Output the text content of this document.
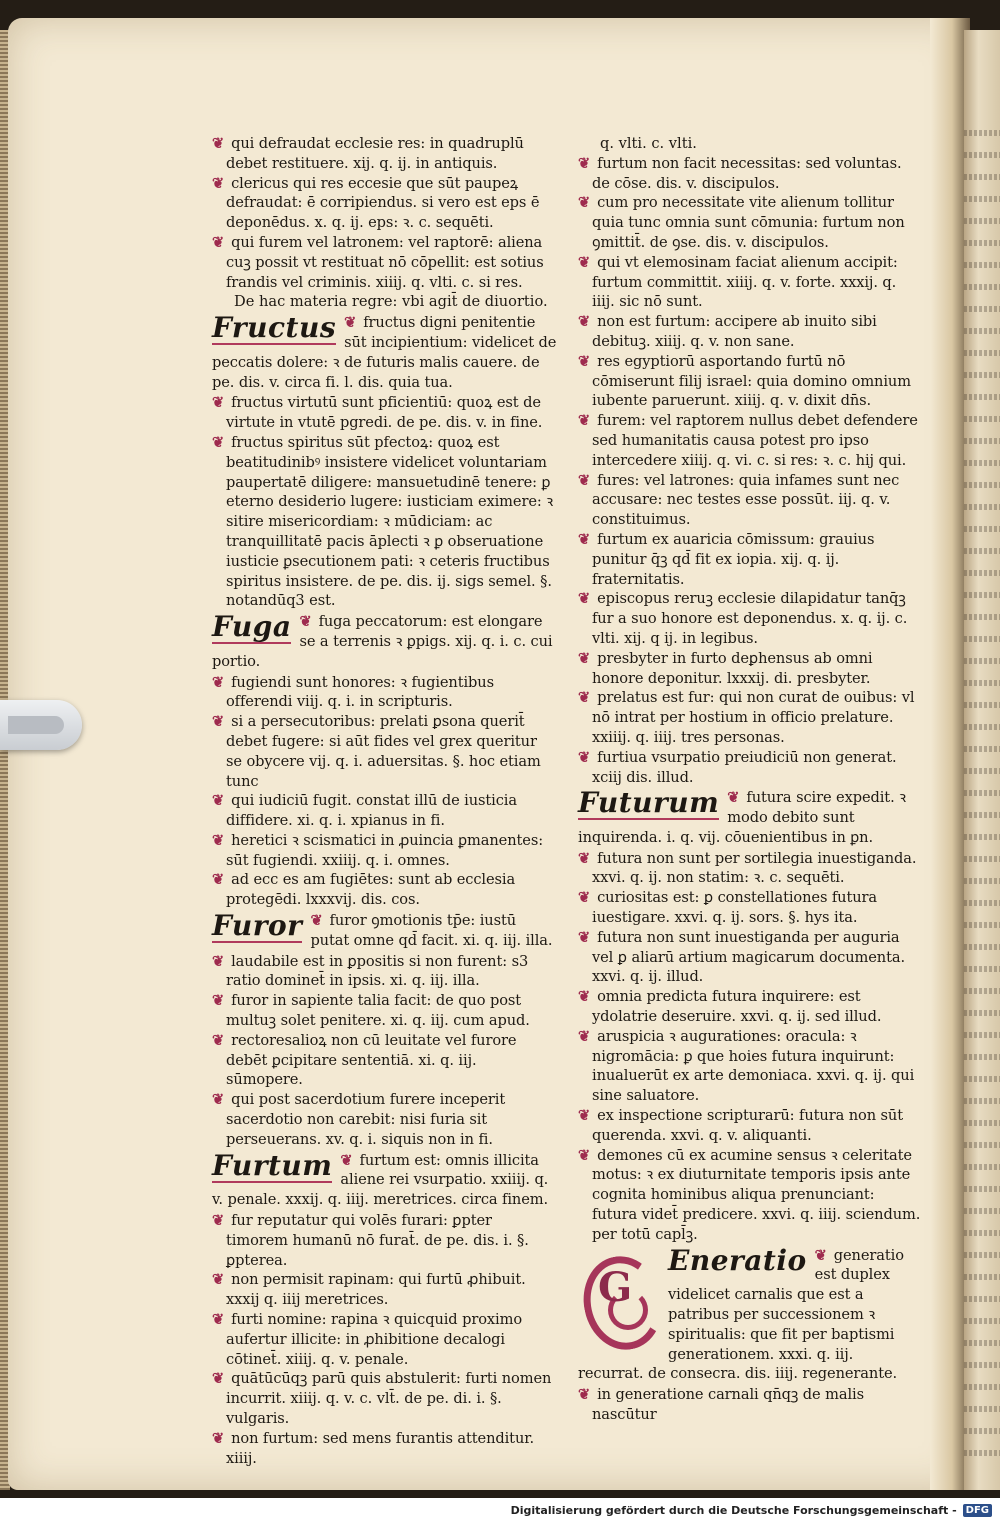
❦ qui defraudat ecclesie res: in quadruplū debet restituere. xij. q. ij. in antiquis.

❦ clericus qui res eccesie que sūt paupeꝝ defraudat: ē corripiendus. si vero est eps ē deponēdus. x. q. ij. eps: ꝛ. c. sequēti.

❦ qui furem vel latronem: vel raptorē: aliena cuꝫ possit vt restituat nō cōpellit: est sotius frandis vel criminis. xiiij. q. vlti. c. si res.

De hac materia regre: vbi agit̄ de diuortio.

Fructus ❦ fructus digni penitentie sūt incipientium: videlicet de peccatis dolere: ꝛ de futuris malis cauere. de pe. dis. v. circa fi. l. dis. quia tua.

❦ fructus virtutū sunt pficientiū: quoꝝ est de virtute in vtutē pgredi. de pe. dis. v. in fine.

❦ fructus spiritus sūt pfectoꝝ: quoꝝ est beatitudinibꝰ insistere videlicet voluntariam paupertatē diligere: mansuetudinē tenere: ꝑ eterno desiderio lugere: iusticiam eximere: ꝛ sitire misericordiam: ꝛ mūdiciam: ac tranquillitatē pacis āplecti ꝛ ꝑ obseruatione iusticie ꝑsecutionem pati: ꝛ ceteris fructibus spiritus insistere. de pe. dis. ij. sigs semel. §. notandūq3 est.

Fuga ❦ fuga peccatorum: est elongare se a terrenis ꝛ ꝑpigs. xij. q. i. c. cui portio.

❦ fugiendi sunt honores: ꝛ fugientibus offerendi viij. q. i. in scripturis.

❦ si a persecutoribus: prelati ꝑsona querit̄ debet fugere: si aūt fides vel grex queritur se obycere vij. q. i. aduersitas. §. hoc etiam tunc

❦ qui iudiciū fugit. constat illū de iusticia diffidere. xi. q. i. xpianus in fi.

❦ heretici ꝛ scismatici in ꝓuincia ꝑmanentes: sūt fugiendi. xxiiij. q. i. omnes.

❦ ad ecc es am fugiētes: sunt ab ecclesia protegēdi. lxxxvij. dis. cos.

Furor ❦ furor ꝯmotionis tp̄e: iustū putat omne qd̄ facit. xi. q. iij. illa.

❦ laudabile est in ꝑpositis si non furent: s3 ratio dominet̄ in ipsis. xi. q. iij. illa.

❦ furor in sapiente talia facit: de quo post multuꝫ solet penitere. xi. q. iij. cum apud.

❦ rectoresalioꝝ non cū leuitate vel furore debēt ꝑcipitare sententiā. xi. q. iij. sūmopere.

❦ qui post sacerdotium furere inceperit sacerdotio non carebit: nisi furia sit perseuerans. xv. q. i. siquis non in fi.

Furtum ❦ furtum est: omnis illicita aliene rei vsurpatio. xxiiij. q. v. penale. xxxij. q. iiij. meretrices. circa finem.

❦ fur reputatur qui volēs furari: ꝑpter timorem humanū nō furat̄. de pe. dis. i. §. ꝑpterea.

❦ non permisit rapinam: qui furtū ꝓhibuit. xxxij q. iiij meretrices.

❦ furti nomine: rapina ꝛ quicquid proximo aufertur illicite: in ꝓhibitione decalogi cōtinet̄. xiiij. q. v. penale.

❦ quātūcūqꝫ parū quis abstulerit: furti nomen incurrit. xiiij. q. v. c. vlt̄. de pe. di. i. §. vulgaris.

❦ non furtum: sed mens furantis attenditur. xiiij.

q. vlti. c. vlti.

❦ furtum non facit necessitas: sed voluntas. de cōse. dis. v. discipulos.

❦ cum pro necessitate vite alienum tollitur quia tunc omnia sunt cōmunia: furtum non ꝯmittit̄. de ꝯse. dis. v. discipulos.

❦ qui vt elemosinam faciat alienum accipit: furtum committit. xiiij. q. v. forte. xxxij. q. iiij. sic nō sunt.

❦ non est furtum: accipere ab inuito sibi debituꝫ. xiiij. q. v. non sane.

❦ res egyptiorū asportando furtū nō cōmiserunt filij israel: quia domino omnium iubente paruerunt. xiiij. q. v. dixit dn̄s.

❦ furem: vel raptorem nullus debet defendere sed humanitatis causa potest pro ipso intercedere xiiij. q. vi. c. si res: ꝛ. c. hij qui.

❦ fures: vel latrones: quia infames sunt nec accusare: nec testes esse possūt. iij. q. v. constituimus.

❦ furtum ex auaricia cōmissum: grauius punitur q̄ꝫ qd̄ fit ex iopia. xij. q. ij. fraternitatis.

❦ episcopus reruꝫ ecclesie dilapidatur tanq̄ꝫ fur a suo honore est deponendus. x. q. ij. c. vlti. xij. q ij. in legibus.

❦ presbyter in furto deꝑhensus ab omni honore deponitur. lxxxij. di. presbyter.

❦ prelatus est fur: qui non curat de ouibus: vl nō intrat per hostium in officio prelature. xxiiij. q. iiij. tres personas.

❦ furtiua vsurpatio preiudiciū non generat. xciij dis. illud.

Futurum ❦ futura scire expedit. ꝛ modo debito sunt inquirenda. i. q. vij. cōuenientibus in ꝑn.

❦ futura non sunt per sortilegia inuestiganda. xxvi. q. ij. non statim: ꝛ. c. sequēti.

❦ curiositas est: ꝑ constellationes futura iuestigare. xxvi. q. ij. sors. §. hys ita.

❦ futura non sunt inuestiganda per auguria vel ꝑ aliarū artium magicarum documenta. xxvi. q. ij. illud.

❦ omnia predicta futura inquirere: est ydolatrie deseruire. xxvi. q. ij. sed illud.

❦ aruspicia ꝛ augurationes: oracula: ꝛ nigromācia: ꝑ que hoies futura inquirunt: inualuerūt ex arte demoniaca. xxvi. q. ij. qui sine saluatore.

❦ ex inspectione scripturarū: futura non sūt querenda. xxvi. q. v. aliquanti.

❦ demones cū ex acumine sensus ꝛ celeritate motus: ꝛ ex diuturnitate temporis ipsis ante cognita hominibus aliqua prenunciant: futura videt̄ predicere. xxvi. q. iiij. sciendum. per totū capl̄ꝫ.

G
Eneratio ❦ generatio est duplex videlicet carnalis que est a patribus per successionem ꝛ spiritualis: que fit per baptismi generationem. xxxi. q. iij. recurrat. de consecra. dis. iiij. regenerante.

❦ in generatione carnali qn̄qꝫ de malis nascūtur

Digitalisierung gefördert durch die Deutsche Forschungsgemeinschaft - DFG
